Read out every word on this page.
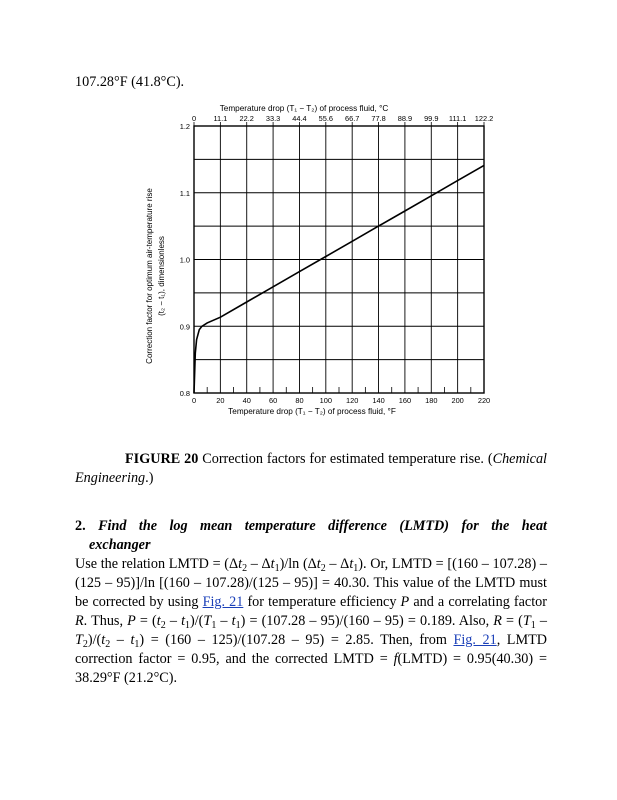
107.28°F (41.8°C).

Temperature drop (T₁ − T₂) of process fluid, °C
Temperature drop (T₁ − T₂) of process fluid, °F
Correction factor for optimum air-temperature rise (t₂ − t₁), dimensionless
0 11.1 22.2 33.3 44.4 55.6 66.7 77.8 88.9 99.9 111.1 122.2
0	20 40 60 80 100 120 140 160 180 200 220
1.2
1.1
1.0
0.9
0.8

FIGURE 20 Correction factors for estimated temperature rise. (Chemical Engineering.)

2. Find the log mean temperature difference (LMTD) for the heat
exchanger

Use the relation LMTD = $(\Delta t_2 - \Delta t_1)/\ln$ $(\Delta t_2 - \Delta t_1)$. Or, LMTD = [(160 – 107.28) – (125 – 95)]/ln [(160 – 107.28)/(125 – 95)] = 40.30. This value of the LMTD must be corrected by using Fig. 21 for temperature efficiency P and a correlating factor R. Thus, $P = (t_2 - t_1)/(T_1 - t_1) = (107.28 - 95)/(160 - 95) = 0.189$. Also, $R = (T_1 - T_2)/(t_2 - t_1) = (160 - 125)/(107.28 - 95) = 2.85$. Then, from Fig. 21, LMTD correction factor = 0.95, and the corrected LMTD = f(LMTD) = 0.95(40.30) = 38.29°F (21.2°C).
